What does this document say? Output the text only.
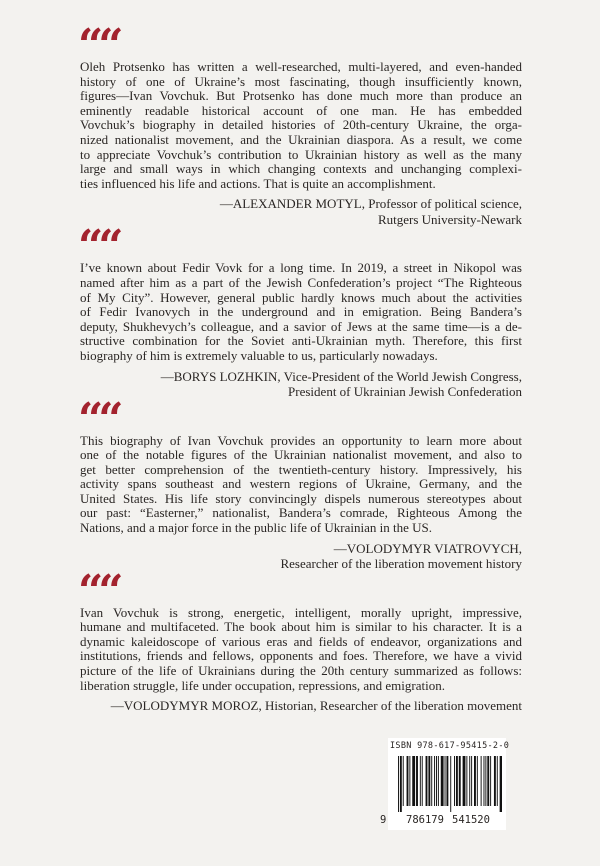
““
Oleh Protsenko has written a well-researched, multi-layered, and even-handed
history of one of Ukraine’s most fascinating, though insufficiently known,
figures—Ivan Vovchuk. But Protsenko has done much more than produce an
eminently readable historical account of one man. He has embedded
Vovchuk’s biography in detailed histories of 20th-century Ukraine, the orga-
nized nationalist movement, and the Ukrainian diaspora. As a result, we come
to appreciate Vovchuk’s contribution to Ukrainian history as well as the many
large and small ways in which changing contexts and unchanging complexi-
ties influenced his life and actions. That is quite an accomplishment.
—ALEXANDER MOTYL, Professor of political science,
Rutgers University-Newark
““
I’ve known about Fedir Vovk for a long time. In 2019, a street in Nikopol was
named after him as a part of the Jewish Confederation’s project “The Righteous
of My City”. However, general public hardly knows much about the activities
of Fedir Ivanovych in the underground and in emigration. Being Bandera’s
deputy, Shukhevych’s colleague, and a savior of Jews at the same time—is a de-
structive combination for the Soviet anti-Ukrainian myth. Therefore, this first
biography of him is extremely valuable to us, particularly nowadays.
—BORYS LOZHKIN, Vice-President of the World Jewish Congress,
President of Ukrainian Jewish Confederation
““
This biography of Ivan Vovchuk provides an opportunity to learn more about
one of the notable figures of the Ukrainian nationalist movement, and also to
get better comprehension of the twentieth-century history. Impressively, his
activity spans southeast and western regions of Ukraine, Germany, and the
United States. His life story convincingly dispels numerous stereotypes about
our past: “Easterner,” nationalist, Bandera’s comrade, Righteous Among the
Nations, and a major force in the public life of Ukrainian in the US.
—VOLODYMYR VIATROVYCH,
Researcher of the liberation movement history
““
Ivan Vovchuk is strong, energetic, intelligent, morally upright, impressive,
humane and multifaceted. The book about him is similar to his character. It is a
dynamic kaleidoscope of various eras and fields of endeavor, organizations and
institutions, friends and fellows, opponents and foes. Therefore, we have a vivid
picture of the life of Ukrainians during the 20th century summarized as follows:
liberation struggle, life under occupation, repressions, and emigration.
—VOLODYMYR MOROZ, Historian, Researcher of the liberation movement
ISBN 978-617-95415-2-0
9 786179 541520
